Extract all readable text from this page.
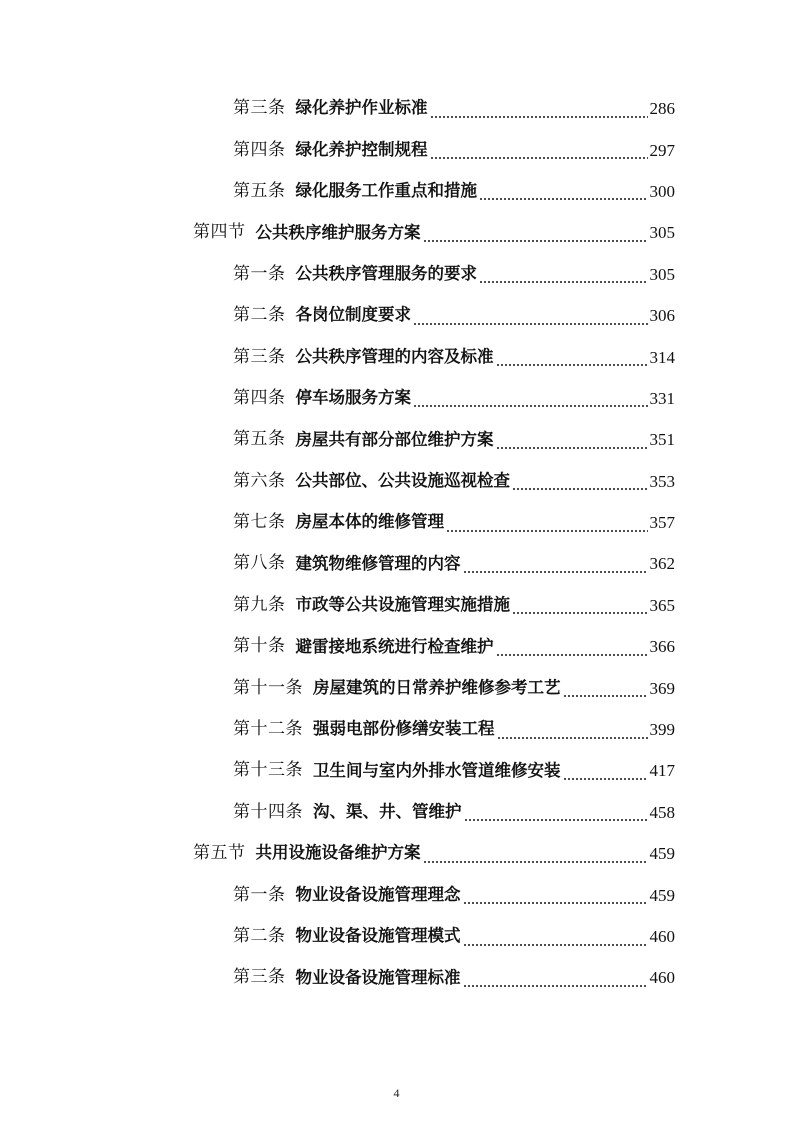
第三条 绿化养护作业标准	286
第四条 绿化养护控制规程	297
第五条 绿化服务工作重点和措施	300
第四节 公共秩序维护服务方案	305
第一条 公共秩序管理服务的要求	305
第二条 各岗位制度要求	306
第三条 公共秩序管理的内容及标准	314
第四条 停车场服务方案	331
第五条 房屋共有部分部位维护方案	351
第六条 公共部位、公共设施巡视检查	353
第七条 房屋本体的维修管理	357
第八条 建筑物维修管理的内容	362
第九条 市政等公共设施管理实施措施	365
第十条 避雷接地系统进行检查维护	366
第十一条 房屋建筑的日常养护维修参考工艺	369
第十二条 强弱电部份修缮安装工程	399
第十三条 卫生间与室内外排水管道维修安装	417
第十四条 沟、渠、井、管维护	458
第五节 共用设施设备维护方案	459
第一条 物业设备设施管理理念	459
第二条 物业设备设施管理模式	460
第三条 物业设备设施管理标准	460
4
